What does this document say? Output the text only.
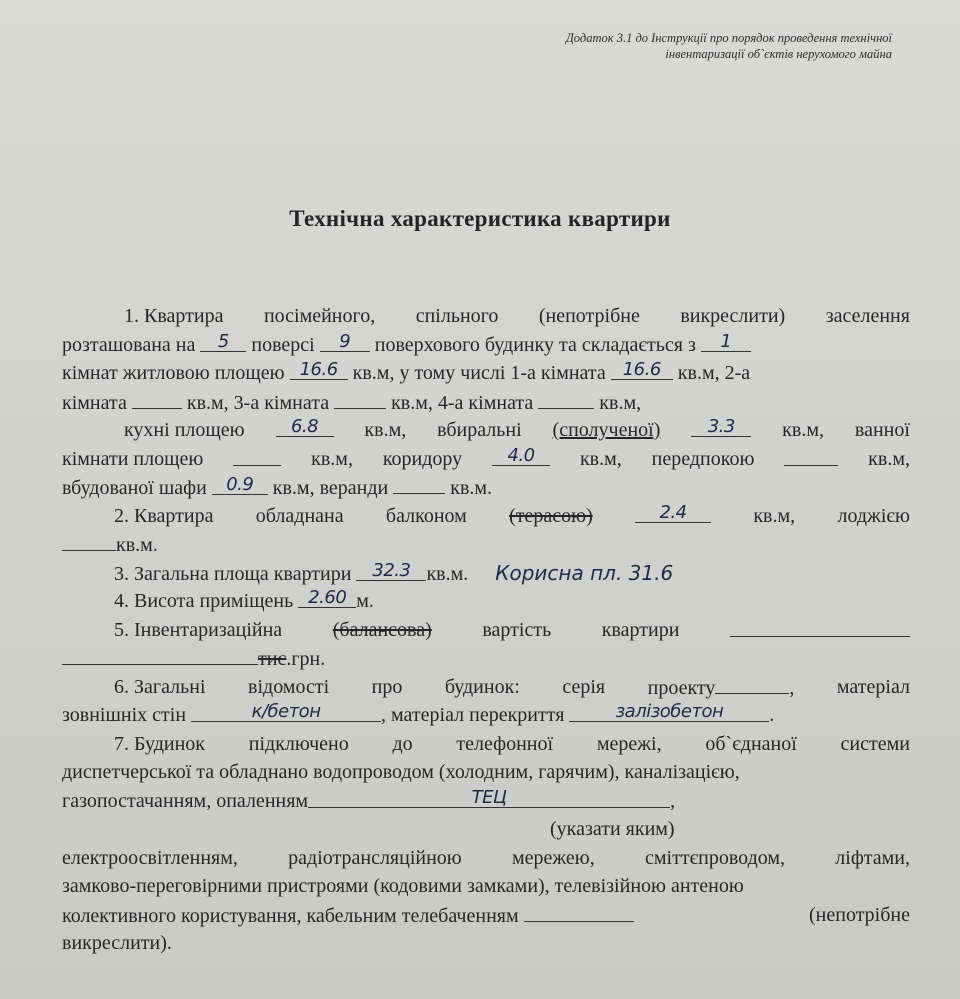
Додаток 3.1 до Інструкції про порядок проведення технічної
інвентаризації об`єктів нерухомого майна
Технічна характеристика квартири
1. Квартира посімейного, спільного (непотрібне викреслити) заселення
розташована на 5 поверсі 9 поверхового будинку та складається з 1
кімнат житловою площею 16.6 кв.м, у тому числі 1-а кімната 16.6 кв.м, 2-а
кімната	кв.м, 3-а кімната	кв.м, 4-а кімната	кв.м,
кухні площею	6.8	кв.м, вбиральні (сполученої)	3.3	кв.м, ванної
кімнати площею	кв.м, коридору	4.0	кв.м, передпокою	кв.м,
вбудованої шафи 0.9 кв.м, веранди	кв.м.
2. Квартира обладнана балконом (терасою)	2.4	кв.м, лоджією
кв.м.
3. Загальна площа квартири 32.3 кв.м. Корисна пл. 31.6
4. Висота приміщень 2.60 м.
5. Інвентаризаційна	(балансова)	вартість	квартири
тис.грн.
6. Загальні відомості про будинок: серія проекту	, матеріал
зовнішніх стін	к/бетон	, матеріал перекриття	залізобетон .
7. Будинок підключено до телефонної мережі, об`єднаної системи
диспетчерської та обладнано водопроводом (холодним, гарячим), каналізацією,
газопостачанням, опаленням	ТЕЦ	,
(указати яким)
електроосвітленням,	радіотрансляційною	мережею,	сміттєпроводом,	ліфтами,
замково-переговірними пристроями (кодовими замками), телевізійною антеною
колективного користування, кабельним телебаченням	(непотрібне
викреслити).
